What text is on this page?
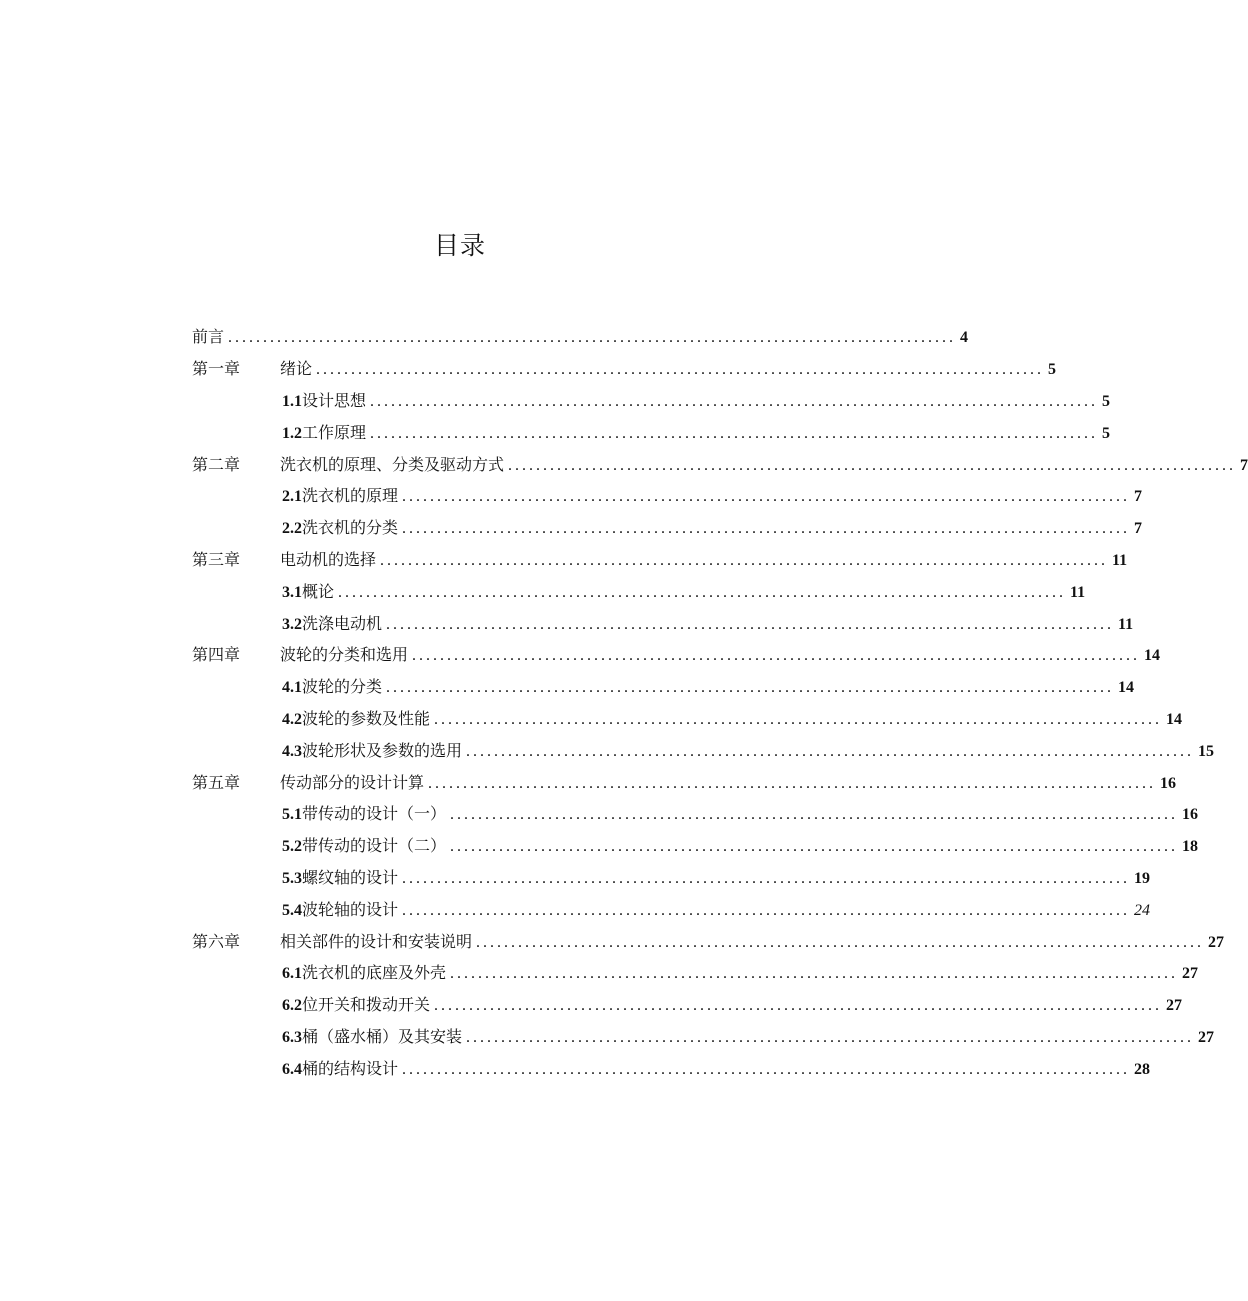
目录
前言 ........................................................................................................ 4
第一章	绪论 ........................................................................................................ 5
1.1 设计思想 ........................................................................................................ 5
1.2 工作原理 ........................................................................................................ 5
第二章	洗衣机的原理、分类及驱动方式 ........................................................................................................ 7
2.1 洗衣机的原理 ........................................................................................................ 7
2.2 洗衣机的分类 ........................................................................................................ 7
第三章	电动机的选择 ........................................................................................................ 11
3.1 概论 ........................................................................................................ 11
3.2 洗涤电动机 ........................................................................................................ 11
第四章	波轮的分类和选用 ........................................................................................................ 14
4.1 波轮的分类 ........................................................................................................ 14
4.2 波轮的参数及性能 ........................................................................................................ 14
4.3 波轮形状及参数的选用 ........................................................................................................ 15
第五章	传动部分的设计计算 ........................................................................................................ 16
5.1 带传动的设计（一） ........................................................................................................ 16
5.2 带传动的设计（二） ........................................................................................................ 18
5.3 螺纹轴的设计 ........................................................................................................ 19
5.4 波轮轴的设计 ........................................................................................................ 24
第六章	相关部件的设计和安装说明 ........................................................................................................ 27
6.1 洗衣机的底座及外壳 ........................................................................................................ 27
6.2 位开关和拨动开关 ........................................................................................................ 27
6.3 桶（盛水桶）及其安装 ........................................................................................................ 27
6.4 桶的结构设计 ........................................................................................................ 28
